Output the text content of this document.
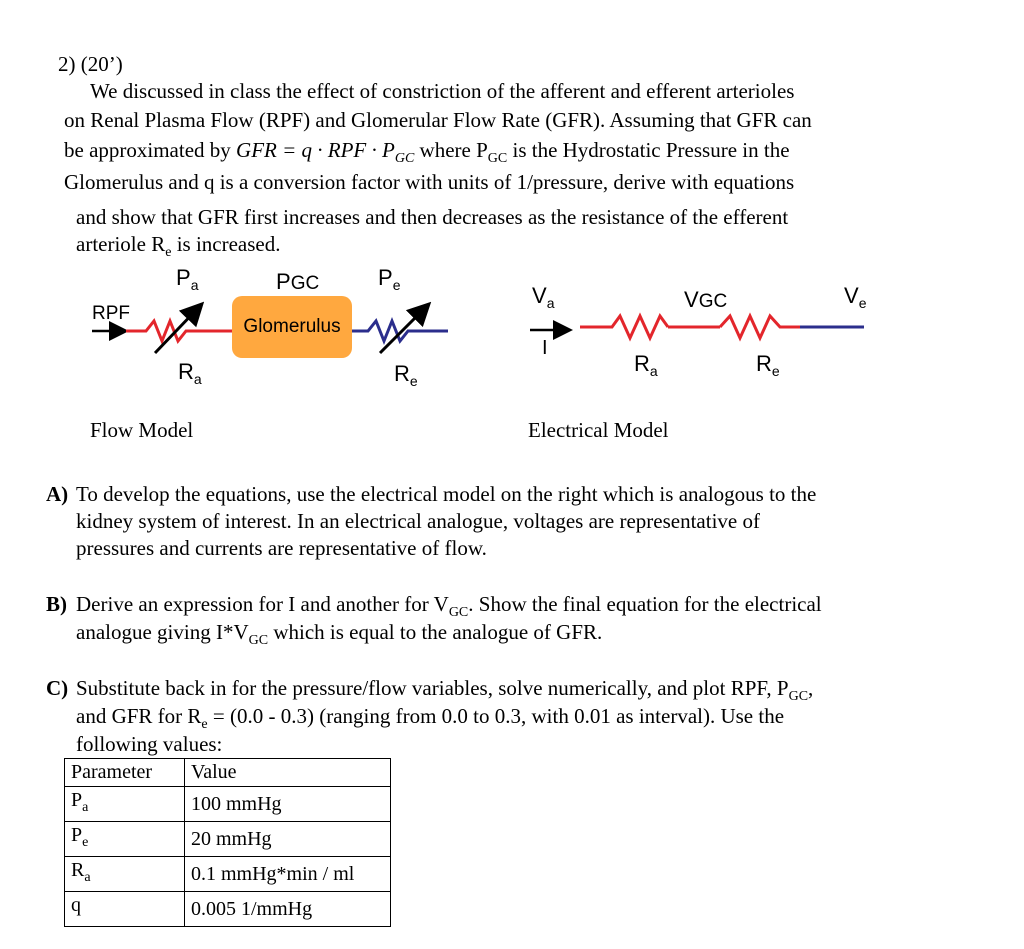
2) (20’)
We discussed in class the effect of constriction of the afferent and efferent arterioles
on Renal Plasma Flow (RPF) and Glomerular Flow Rate (GFR). Assuming that GFR can
be approximated by GFR = q · RPF · $P_{GC}$ where $P_{GC}$ is the Hydrostatic Pressure in the
Glomerulus and q is a conversion factor with units of 1/pressure, derive with equations
and show that GFR first increases and then decreases as the resistance of the efferent
arteriole $R_e$ is increased.
$P_a$	PGC	$P_e$
RPF
Glomerulus
$R_a$	$R_e$
Flow Model
$V_a$	VGC	$V_e$
I
$R_a$	$R_e$
Electrical Model
A) To develop the equations, use the electrical model on the right which is analogous to the
kidney system of interest. In an electrical analogue, voltages are representative of
pressures and currents are representative of flow.
B) Derive an expression for I and another for $V_{GC}$. Show the final equation for the electrical
analogue giving $I*V_{GC}$ which is equal to the analogue of GFR.
C) Substitute back in for the pressure/flow variables, solve numerically, and plot RPF, $P_{GC}$,
and GFR for $R_e = (0.0 - 0.3)$ (ranging from 0.0 to 0.3, with 0.01 as interval). Use the
following values:
Parameter	Value
$P_a$	100 mmHg
$P_e$	20 mmHg
$R_a$	0.1 mmHg*min / ml
q	0.005 1/mmHg
